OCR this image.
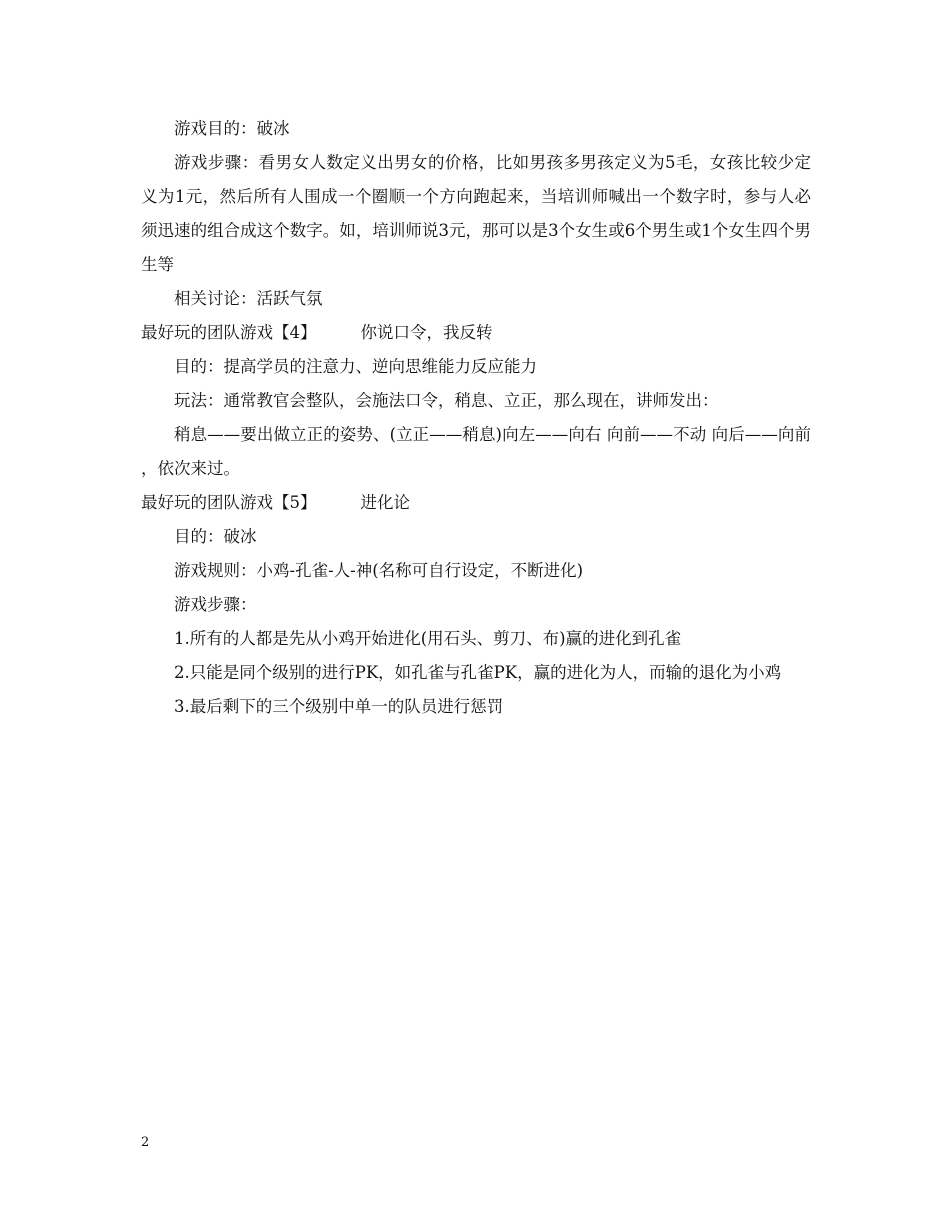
游戏目的：破冰

游戏步骤：看男女人数定义出男女的价格，比如男孩多男孩定义为5毛，女孩比较少定义为1元，然后所有人围成一个圈顺一个方向跑起来，当培训师喊出一个数字时，参与人必须迅速的组合成这个数字。如，培训师说3元，那可以是3个女生或6个男生或1个女生四个男生等

相关讨论：活跃气氛

最好玩的团队游戏【4】	你说口令，我反转

目的：提高学员的注意力、逆向思维能力反应能力

玩法：通常教官会整队，会施法口令，稍息、立正，那么现在，讲师发出：

稍息——要出做立正的姿势、(立正——稍息)向左——向右 向前——不动 向后——向前 ，依次来过。

最好玩的团队游戏【5】	进化论

目的：破冰

游戏规则：小鸡-孔雀-人-神(名称可自行设定，不断进化)

游戏步骤：

1.所有的人都是先从小鸡开始进化(用石头、剪刀、布)赢的进化到孔雀

2.只能是同个级别的进行PK，如孔雀与孔雀PK，赢的进化为人，而输的退化为小鸡

3.最后剩下的三个级别中单一的队员进行惩罚

2
